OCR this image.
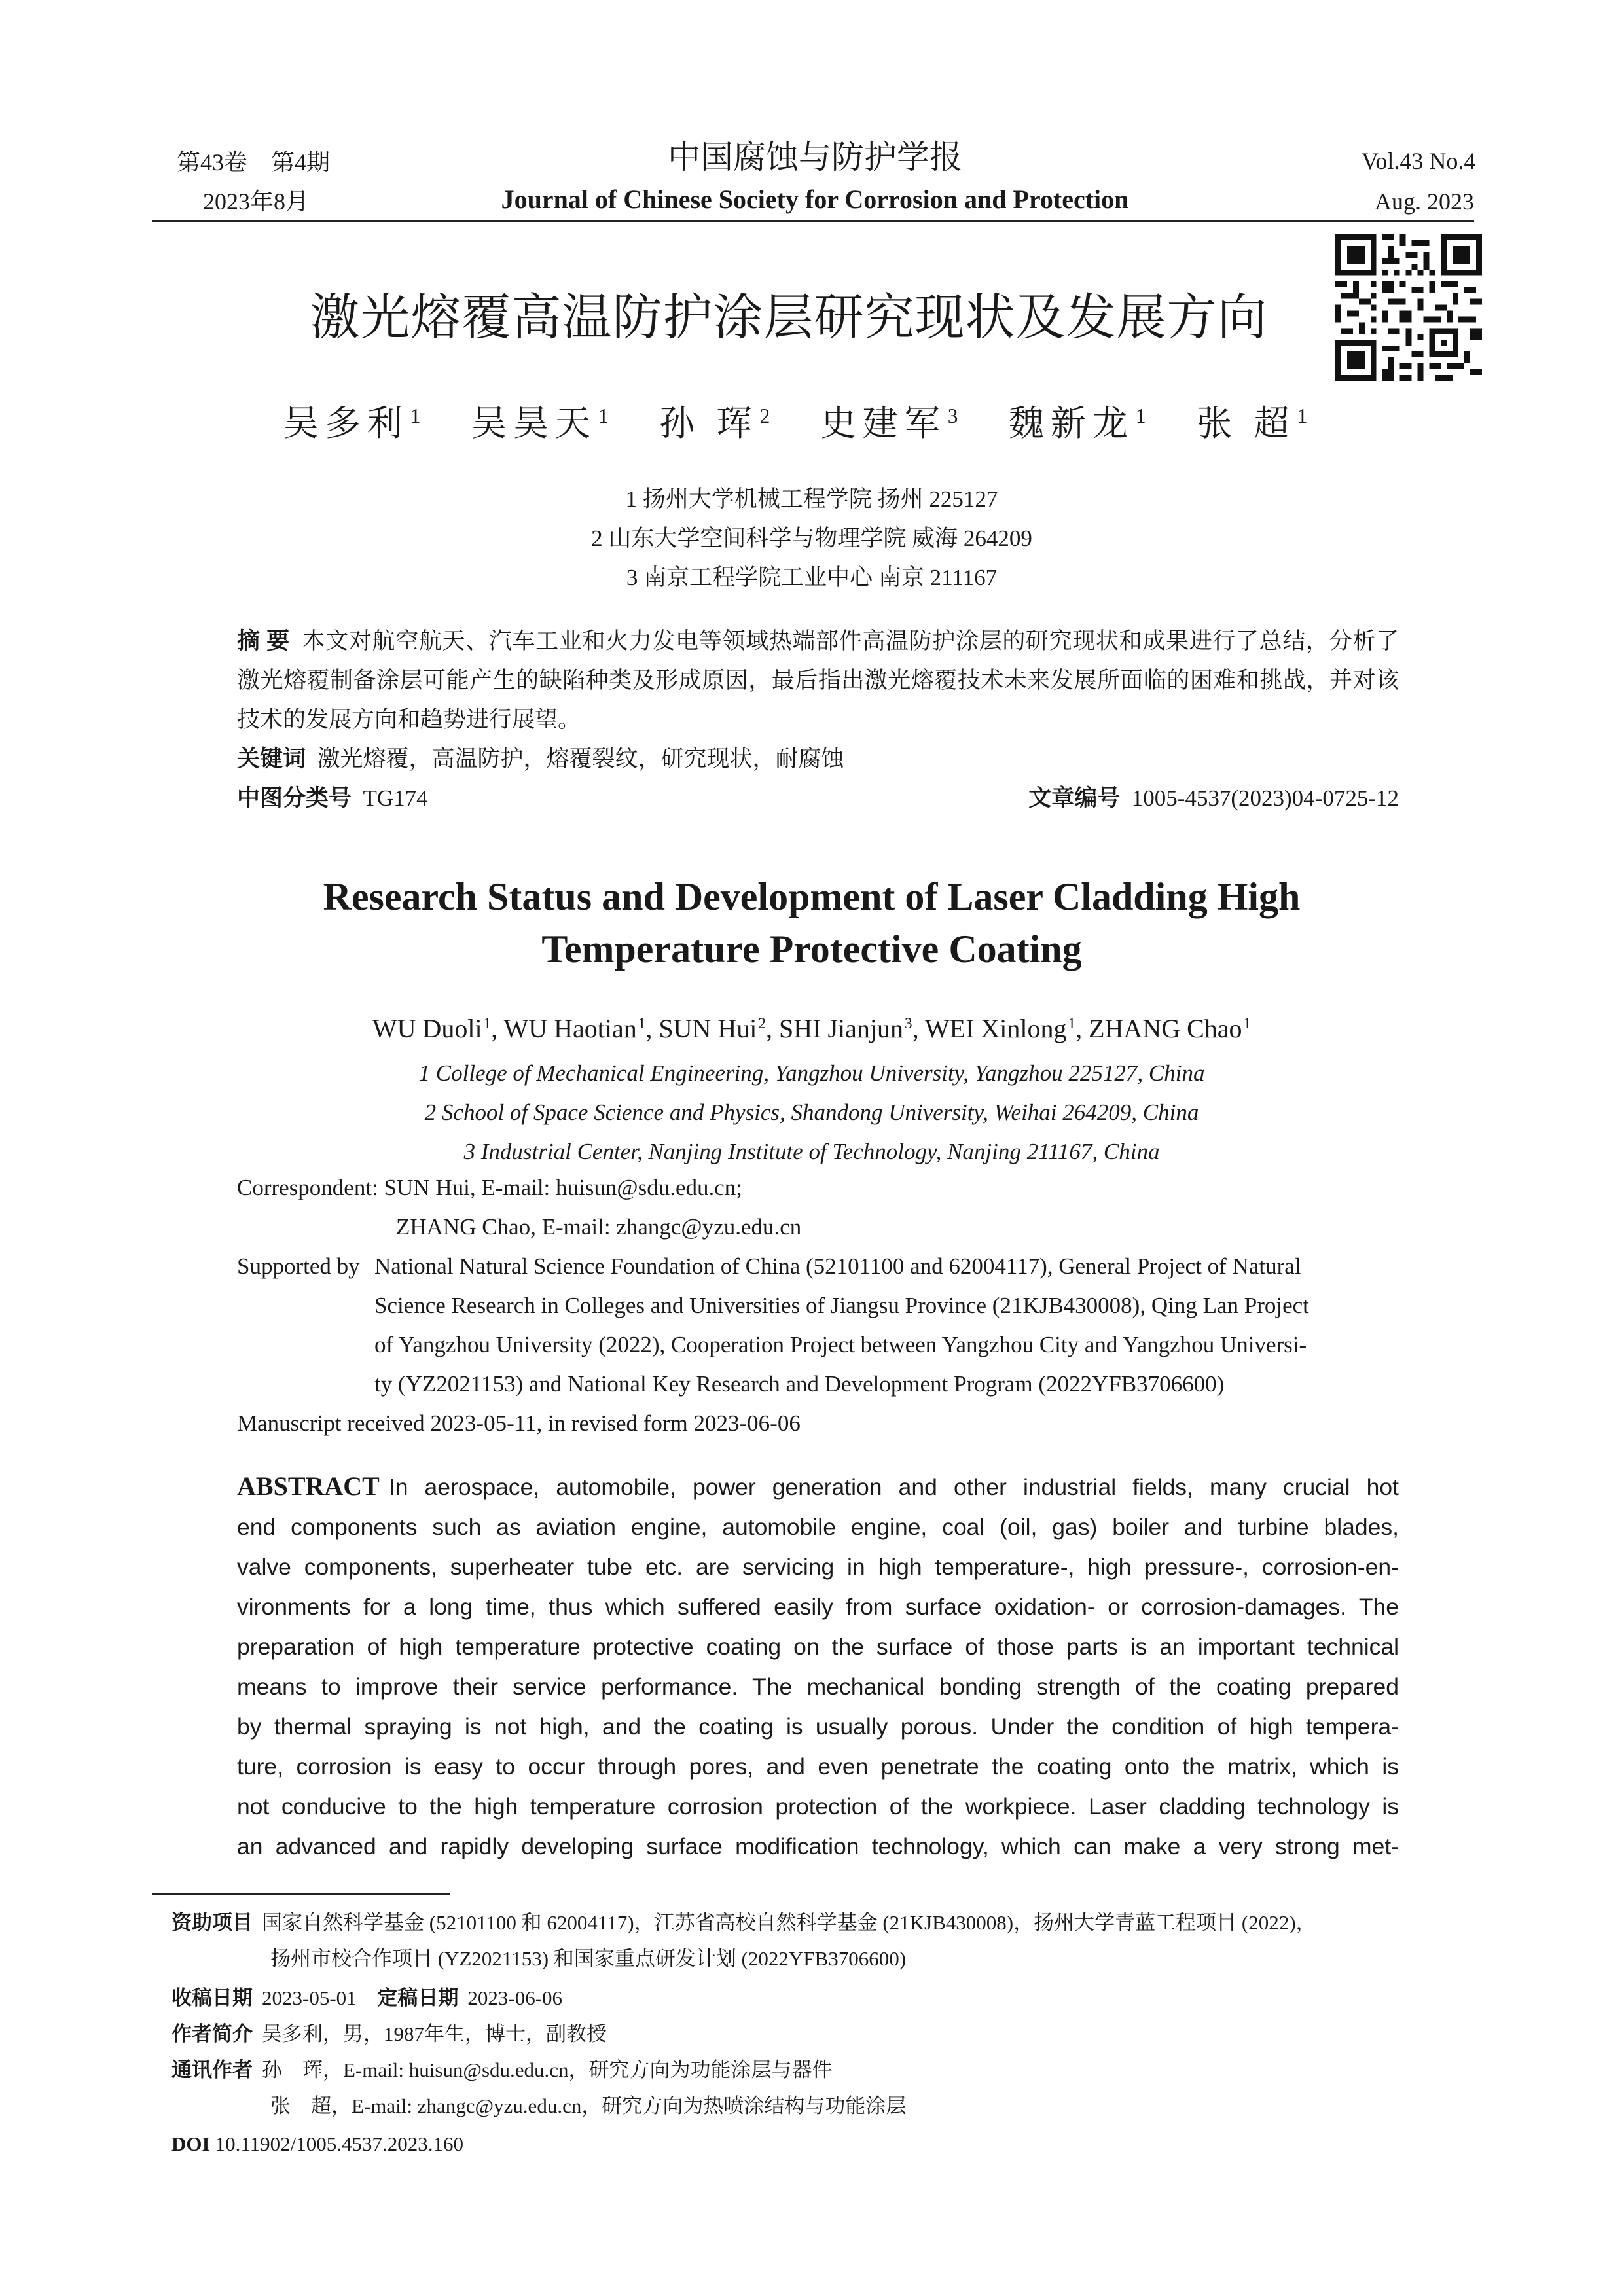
第43卷　第4期
2023年8月
中国腐蚀与防护学报
Journal of Chinese Society for Corrosion and Protection
Vol.43 No.4
Aug. 2023
激光熔覆高温防护涂层研究现状及发展方向
吴多利$^1$ 吴昊天$^1$ 孙 珲$^2$ 史建军$^3$ 魏新龙$^1$ 张 超$^1$
1 扬州大学机械工程学院 扬州 225127
2 山东大学空间科学与物理学院 威海 264209
3 南京工程学院工业中心 南京 211167
摘 要 本文对航空航天、汽车工业和火力发电等领域热端部件高温防护涂层的研究现状和成果进行了总结，分析了激光熔覆制备涂层可能产生的缺陷种类及形成原因，最后指出激光熔覆技术未来发展所面临的困难和挑战，并对该技术的发展方向和趋势进行展望。
关键词 激光熔覆，高温防护，熔覆裂纹，研究现状，耐腐蚀
中图分类号 TG174	文章编号 1005-4537(2023)04-0725-12
Research Status and Development of Laser Cladding High
Temperature Protective Coating
WU Duoli$^1$, WU Haotian$^1$, SUN Hui$^2$, SHI Jianjun$^3$, WEI Xinlong$^1$, ZHANG Chao$^1$
1 College of Mechanical Engineering, Yangzhou University, Yangzhou 225127, China
2 School of Space Science and Physics, Shandong University, Weihai 264209, China
3 Industrial Center, Nanjing Institute of Technology, Nanjing 211167, China
Correspondent: SUN Hui, E-mail: huisun@sdu.edu.cn;
ZHANG Chao, E-mail: zhangc@yzu.edu.cn
Supported by National Natural Science Foundation of China (52101100 and 62004117), General Project of Natural
Science Research in Colleges and Universities of Jiangsu Province (21KJB430008), Qing Lan Project
of Yangzhou University (2022), Cooperation Project between Yangzhou City and Yangzhou Universi-
ty (YZ2021153) and National Key Research and Development Program (2022YFB3706600)
Manuscript received 2023-05-11, in revised form 2023-06-06
ABSTRACT In aerospace, automobile, power generation and other industrial fields, many crucial hot
end components such as aviation engine, automobile engine, coal (oil, gas) boiler and turbine blades,
valve components, superheater tube etc. are servicing in high temperature-, high pressure-, corrosion-en-
vironments for a long time, thus which suffered easily from surface oxidation- or corrosion-damages. The
preparation of high temperature protective coating on the surface of those parts is an important technical
means to improve their service performance. The mechanical bonding strength of the coating prepared
by thermal spraying is not high, and the coating is usually porous. Under the condition of high tempera-
ture, corrosion is easy to occur through pores, and even penetrate the coating onto the matrix, which is
not conducive to the high temperature corrosion protection of the workpiece. Laser cladding technology is
an advanced and rapidly developing surface modification technology, which can make a very strong met-
资助项目 国家自然科学基金 (52101100 和 62004117)，江苏省高校自然科学基金 (21KJB430008)，扬州大学青蓝工程项目 (2022)，
扬州市校合作项目 (YZ2021153) 和国家重点研发计划 (2022YFB3706600)
收稿日期 2023-05-01 定稿日期 2023-06-06
作者简介 吴多利，男，1987年生，博士，副教授
通讯作者 孙　珲，E-mail: huisun@sdu.edu.cn，研究方向为功能涂层与器件
张　超，E-mail: zhangc@yzu.edu.cn，研究方向为热喷涂结构与功能涂层
DOI 10.11902/1005.4537.2023.160
